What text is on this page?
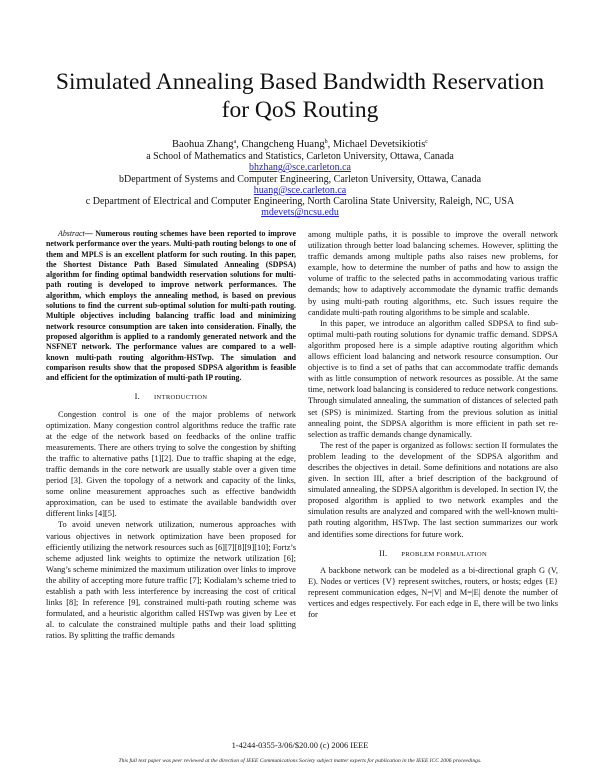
Simulated Annealing Based Bandwidth Reservation for QoS Routing
Baohua Zhang$^a$, Changcheng Huang$^b$, Michael Devetsikiotis$^c$
a School of Mathematics and Statistics, Carleton University, Ottawa, Canada
bhzhang@sce.carleton.ca
bDepartment of Systems and Computer Engineering, Carleton University, Ottawa, Canada
huang@sce.carleton.ca
c Department of Electrical and Computer Engineering, North Carolina State University, Raleigh, NC, USA
mdevets@ncsu.edu

Abstract— Numerous routing schemes have been reported to improve network performance over the years. Multi-path routing belongs to one of them and MPLS is an excellent platform for such routing. In this paper, the Shortest Distance Path Based Simulated Annealing (SDPSA) algorithm for finding optimal bandwidth reservation solutions for multi-path routing is developed to improve network performances. The algorithm, which employs the annealing method, is based on previous solutions to find the current sub-optimal solution for multi-path routing. Multiple objectives including balancing traffic load and minimizing network resource consumption are taken into consideration. Finally, the proposed algorithm is applied to a randomly generated network and the NSFNET network. The performance values are compared to a well-known multi-path routing algorithm-HSTwp. The simulation and comparison results show that the proposed SDPSA algorithm is feasible and efficient for the optimization of multi-path IP routing.

I. INTRODUCTION

Congestion control is one of the major problems of network optimization. Many congestion control algorithms reduce the traffic rate at the edge of the network based on feedbacks of the online traffic measurements. There are others trying to solve the congestion by shifting the traffic to alternative paths [1][2]. Due to traffic shaping at the edge, traffic demands in the core network are usually stable over a given time period [3]. Given the topology of a network and capacity of the links, some online measurement approaches such as effective bandwidth approximation, can be used to estimate the available bandwidth over different links [4][5].

To avoid uneven network utilization, numerous approaches with various objectives in network optimization have been proposed for efficiently utilizing the network resources such as [6][7][8][9][10]; Fortz’s scheme adjusted link weights to optimize the network utilization [6]; Wang’s scheme minimized the maximum utilization over links to improve the ability of accepting more future traffic [7]; Kodialam’s scheme tried to establish a path with less interference by increasing the cost of critical links [8]; In reference [9], constrained multi-path routing scheme was formulated, and a heuristic algorithm called HSTwp was given by Lee et al. to calculate the constrained multiple paths and their load splitting ratios. By splitting the traffic demands

among multiple paths, it is possible to improve the overall network utilization through better load balancing schemes. However, splitting the traffic demands among multiple paths also raises new problems, for example, how to determine the number of paths and how to assign the volume of traffic to the selected paths in accommodating various traffic demands; how to adaptively accommodate the dynamic traffic demands by using multi-path routing algorithms, etc. Such issues require the candidate multi-path routing algorithms to be simple and scalable.

In this paper, we introduce an algorithm called SDPSA to find sub-optimal multi-path routing solutions for dynamic traffic demand. SDPSA algorithm proposed here is a simple adaptive routing algorithm which allows efficient load balancing and network resource consumption. Our objective is to find a set of paths that can accommodate traffic demands with as little consumption of network resources as possible. At the same time, network load balancing is considered to reduce network congestions. Through simulated annealing, the summation of distances of selected path set (SPS) is minimized. Starting from the previous solution as initial annealing point, the SDPSA algorithm is more efficient in path set re-selection as traffic demands change dynamically.

The rest of the paper is organized as follows: section II formulates the problem leading to the development of the SDPSA algorithm and describes the objectives in detail. Some definitions and notations are also given. In section III, after a brief description of the background of simulated annealing, the SDPSA algorithm is developed. In section IV, the proposed algorithm is applied to two network examples and the simulation results are analyzed and compared with the well-known multi-path routing algorithm, HSTwp. The last section summarizes our work and identifies some directions for future work.

II. PROBLEM FORMULATION

A backbone network can be modeled as a bi-directional graph G (V, E). Nodes or vertices {V} represent switches, routers, or hosts; edges {E} represent communication edges, N=|V| and M=|E| denote the number of vertices and edges respectively. For each edge in E, there will be two links for

1-4244-0355-3/06/$20.00 (c) 2006 IEEE
This full text paper was peer reviewed at the direction of IEEE Communications Society subject matter experts for publication in the IEEE ICC 2006 proceedings.
